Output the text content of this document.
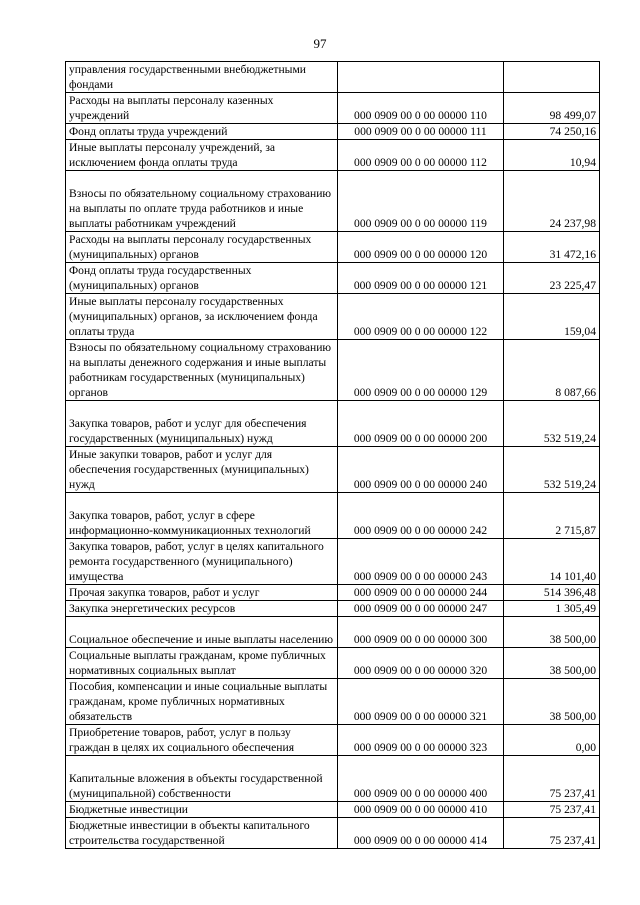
97
управления государственными внебюджетными фондами		
Расходы на выплаты персоналу казенных учреждений	000 0909 00 0 00 00000 110	98 499,07
Фонд оплаты труда учреждений	000 0909 00 0 00 00000 111	74 250,16
Иные выплаты персоналу учреждений, за исключением фонда оплаты труда	000 0909 00 0 00 00000 112	10,94
Взносы по обязательному социальному страхованию на выплаты по оплате труда работников и иные выплаты работникам учреждений	000 0909 00 0 00 00000 119	24 237,98
Расходы на выплаты персоналу государственных (муниципальных) органов	000 0909 00 0 00 00000 120	31 472,16
Фонд оплаты труда государственных (муниципальных) органов	000 0909 00 0 00 00000 121	23 225,47
Иные выплаты персоналу государственных (муниципальных) органов, за исключением фонда оплаты труда	000 0909 00 0 00 00000 122	159,04
Взносы по обязательному социальному страхованию на выплаты денежного содержания и иные выплаты работникам государственных (муниципальных) органов	000 0909 00 0 00 00000 129	8 087,66
Закупка товаров, работ и услуг для обеспечения государственных (муниципальных) нужд	000 0909 00 0 00 00000 200	532 519,24
Иные закупки товаров, работ и услуг для обеспечения государственных (муниципальных) нужд	000 0909 00 0 00 00000 240	532 519,24
Закупка товаров, работ, услуг в сфере информационно-коммуникационных технологий	000 0909 00 0 00 00000 242	2 715,87
Закупка товаров, работ, услуг в целях капитального ремонта государственного (муниципального) имущества	000 0909 00 0 00 00000 243	14 101,40
Прочая закупка товаров, работ и услуг	000 0909 00 0 00 00000 244	514 396,48
Закупка энергетических ресурсов	000 0909 00 0 00 00000 247	1 305,49
Социальное обеспечение и иные выплаты населению	000 0909 00 0 00 00000 300	38 500,00
Социальные выплаты гражданам, кроме публичных нормативных социальных выплат	000 0909 00 0 00 00000 320	38 500,00
Пособия, компенсации и иные социальные выплаты гражданам, кроме публичных нормативных обязательств	000 0909 00 0 00 00000 321	38 500,00
Приобретение товаров, работ, услуг в пользу граждан в целях их социального обеспечения	000 0909 00 0 00 00000 323	0,00
Капитальные вложения в объекты государственной (муниципальной) собственности	000 0909 00 0 00 00000 400	75 237,41
Бюджетные инвестиции	000 0909 00 0 00 00000 410	75 237,41
Бюджетные инвестиции в объекты капитального строительства государственной	000 0909 00 0 00 00000 414	75 237,41
